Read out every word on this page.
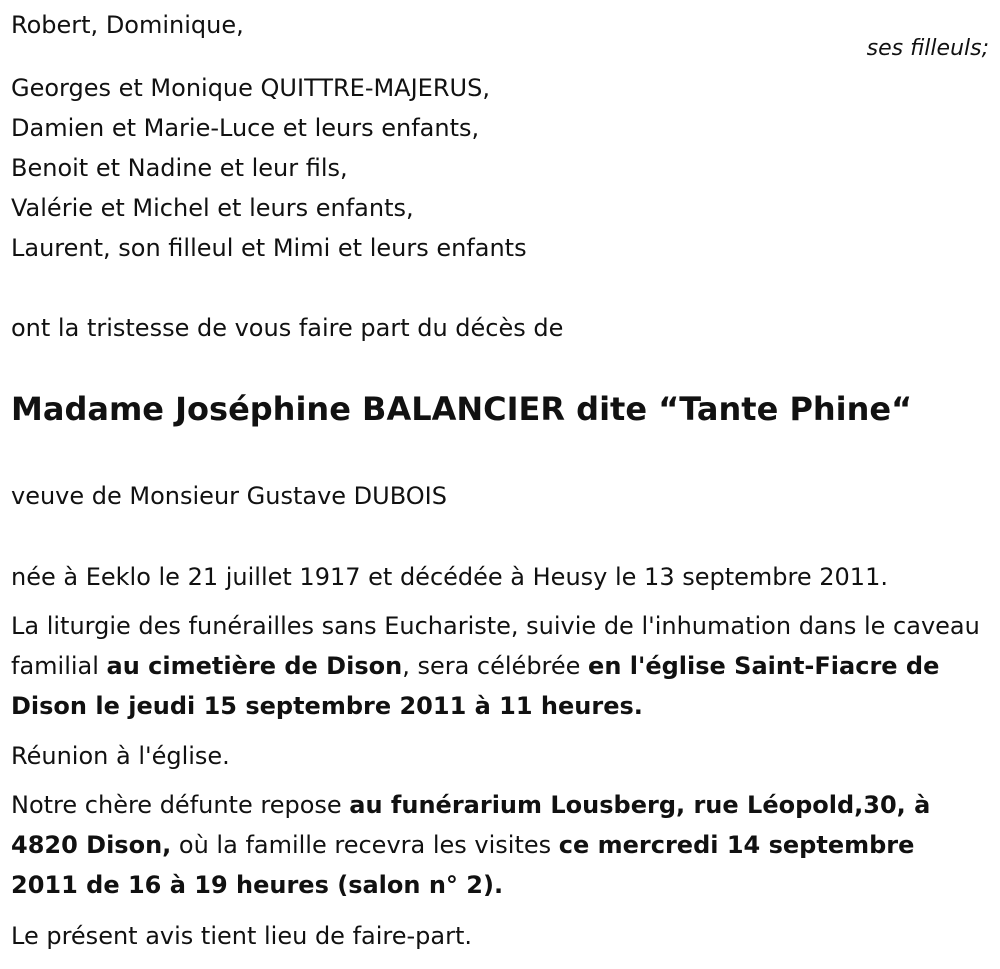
Robert, Dominique,
Georges et Monique QUITTRE-MAJERUS,
Damien et Marie-Luce et leurs enfants,
Benoit et Nadine et leur fils,
Valérie et Michel et leurs enfants,
Laurent, son filleul et Mimi et leurs enfants
ont la tristesse de vous faire part du décès de
Madame Joséphine BALANCIER dite “Tante Phine“
veuve de Monsieur Gustave DUBOIS
née à Eeklo le 21 juillet 1917 et décédée à Heusy le 13 septembre 2011.
La liturgie des funérailles sans Euchariste, suivie de l'inhumation dans le caveau familial au cimetière de Dison, sera célébrée en l'église Saint-Fiacre de Dison le jeudi 15 septembre 2011 à 11 heures.
Réunion à l'église.
Notre chère défunte repose au funérarium Lousberg, rue Léopold,30, à 4820 Dison, où la famille recevra les visites ce mercredi 14 septembre 2011 de 16 à 19 heures (salon n° 2).
Le présent avis tient lieu de faire-part.
ses filleuls;
